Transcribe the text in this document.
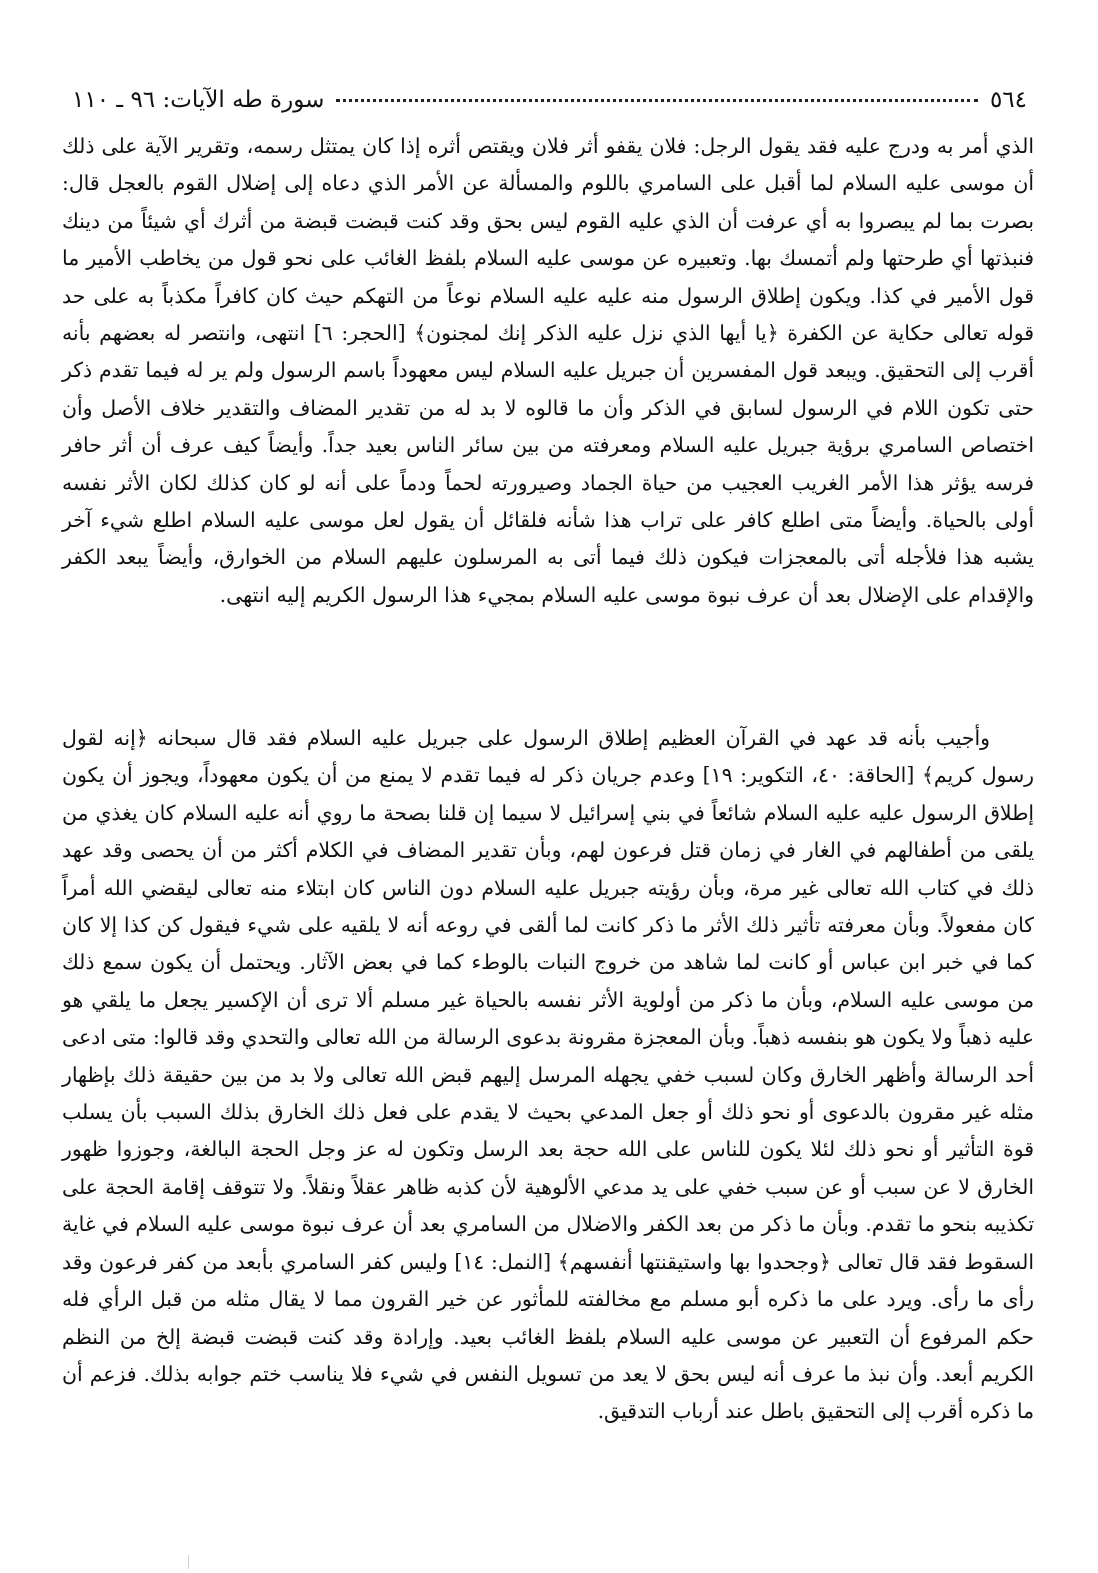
٥٦٤
سورة طه الآيات: ٩٦ ـ ١١٠
الذي أمر به ودرج عليه فقد يقول الرجل: فلان يقفو أثر فلان ويقتص أثره إذا كان يمتثل رسمه، وتقرير الآية على ذلك أن موسى عليه السلام لما أقبل على السامري باللوم والمسألة عن الأمر الذي دعاه إلى إضلال القوم بالعجل قال: بصرت بما لم يبصروا به أي عرفت أن الذي عليه القوم ليس بحق وقد كنت قبضت قبضة من أثرك أي شيئاً من دينك فنبذتها أي طرحتها ولم أتمسك بها. وتعبيره عن موسى عليه السلام بلفظ الغائب على نحو قول من يخاطب الأمير ما قول الأمير في كذا. ويكون إطلاق الرسول منه عليه عليه السلام نوعاً من التهكم حيث كان كافراً مكذباً به على حد قوله تعالى حكاية عن الكفرة ﴿يا أيها الذي نزل عليه الذكر إنك لمجنون﴾ [الحجر: ٦] انتهى، وانتصر له بعضهم بأنه أقرب إلى التحقيق. ويبعد قول المفسرين أن جبريل عليه السلام ليس معهوداً باسم الرسول ولم ير له فيما تقدم ذكر حتى تكون اللام في الرسول لسابق في الذكر وأن ما قالوه لا بد له من تقدير المضاف والتقدير خلاف الأصل وأن اختصاص السامري برؤية جبريل عليه السلام ومعرفته من بين سائر الناس بعيد جداً. وأيضاً كيف عرف أن أثر حافر فرسه يؤثر هذا الأمر الغريب العجيب من حياة الجماد وصيرورته لحماً ودماً على أنه لو كان كذلك لكان الأثر نفسه أولى بالحياة. وأيضاً متى اطلع كافر على تراب هذا شأنه فلقائل أن يقول لعل موسى عليه السلام اطلع شيء آخر يشبه هذا فلأجله أتى بالمعجزات فيكون ذلك فيما أتى به المرسلون عليهم السلام من الخوارق، وأيضاً يبعد الكفر والإقدام على الإضلال بعد أن عرف نبوة موسى عليه السلام بمجيء هذا الرسول الكريم إليه انتهى.
وأجيب بأنه قد عهد في القرآن العظيم إطلاق الرسول على جبريل عليه السلام فقد قال سبحانه ﴿إنه لقول رسول كريم﴾ [الحاقة: ٤٠، التكوير: ١٩] وعدم جريان ذكر له فيما تقدم لا يمنع من أن يكون معهوداً، ويجوز أن يكون إطلاق الرسول عليه عليه السلام شائعاً في بني إسرائيل لا سيما إن قلنا بصحة ما روي أنه عليه السلام كان يغذي من يلقى من أطفالهم في الغار في زمان قتل فرعون لهم، وبأن تقدير المضاف في الكلام أكثر من أن يحصى وقد عهد ذلك في كتاب الله تعالى غير مرة، وبأن رؤيته جبريل عليه السلام دون الناس كان ابتلاء منه تعالى ليقضي الله أمراً كان مفعولاً. وبأن معرفته تأثير ذلك الأثر ما ذكر كانت لما ألقى في روعه أنه لا يلقيه على شيء فيقول كن كذا إلا كان كما في خبر ابن عباس أو كانت لما شاهد من خروج النبات بالوطء كما في بعض الآثار. ويحتمل أن يكون سمع ذلك من موسى عليه السلام، وبأن ما ذكر من أولوية الأثر نفسه بالحياة غير مسلم ألا ترى أن الإكسير يجعل ما يلقي هو عليه ذهباً ولا يكون هو بنفسه ذهباً. وبأن المعجزة مقرونة بدعوى الرسالة من الله تعالى والتحدي وقد قالوا: متى ادعى أحد الرسالة وأظهر الخارق وكان لسبب خفي يجهله المرسل إليهم قبض الله تعالى ولا بد من بين حقيقة ذلك بإظهار مثله غير مقرون بالدعوى أو نحو ذلك أو جعل المدعي بحيث لا يقدم على فعل ذلك الخارق بذلك السبب بأن يسلب قوة التأثير أو نحو ذلك لئلا يكون للناس على الله حجة بعد الرسل وتكون له عز وجل الحجة البالغة، وجوزوا ظهور الخارق لا عن سبب أو عن سبب خفي على يد مدعي الألوهية لأن كذبه ظاهر عقلاً ونقلاً. ولا تتوقف إقامة الحجة على تكذيبه بنحو ما تقدم. وبأن ما ذكر من بعد الكفر والاضلال من السامري بعد أن عرف نبوة موسى عليه السلام في غاية السقوط فقد قال تعالى ﴿وجحدوا بها واستيقنتها أنفسهم﴾ [النمل: ١٤] وليس كفر السامري بأبعد من كفر فرعون وقد رأى ما رأى. ويرد على ما ذكره أبو مسلم مع مخالفته للمأثور عن خير القرون مما لا يقال مثله من قبل الرأي فله حكم المرفوع أن التعبير عن موسى عليه السلام بلفظ الغائب بعيد. وإرادة وقد كنت قبضت قبضة إلخ من النظم الكريم أبعد. وأن نبذ ما عرف أنه ليس بحق لا يعد من تسويل النفس في شيء فلا يناسب ختم جوابه بذلك. فزعم أن ما ذكره أقرب إلى التحقيق باطل عند أرباب التدقيق.
